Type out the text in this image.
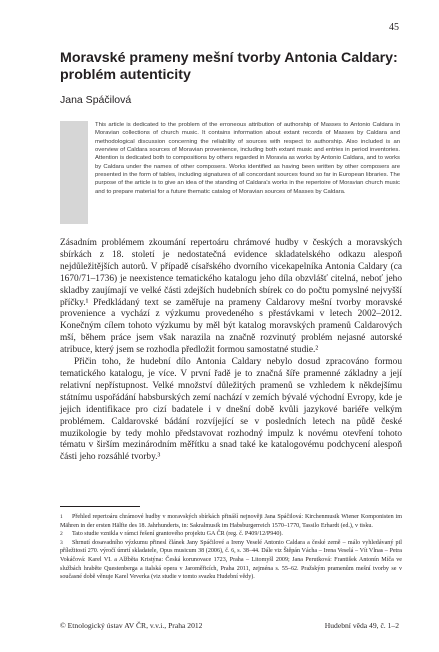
45
Moravské prameny mešní tvorby Antonia Caldary:
problém autenticity

Jana Spáčilová

This article is dedicated to the problem of the erroneous attribution of authorship of Masses to Antonio Caldara in Moravian collections of church music. It contains information about extant records of Masses by Caldara and methodological discussion concerning the reliability of sources with respect to authorship. Also included is an overview of Caldara sources of Moravian provenience, including both extant music and entries in period inventories. Attention is dedicated both to compositions by others regarded in Moravia as works by Antonio Caldara, and to works by Caldara under the names of other composers. Works identified as having been written by other composers are presented in the form of tables, including signatures of all concordant sources found so far in European libraries. The purpose of the article is to give an idea of the standing of Caldara's works in the repertoire of Moravian church music and to prepare material for a future thematic catalog of Moravian sources of Masses by Caldara.

Zásadním problémem zkoumání repertoáru chrámové hudby v českých a moravských sbírkách z 18. století je nedostatečná evidence skladatelského odkazu alespoň nejdůležitějších autorů. V případě císařského dvorního vicekapelníka Antonia Caldary (ca 1670/71–1736) je neexistence tematického katalogu jeho díla obzvlášť citelná, neboť jeho skladby zaujímají ve velké části zdejších hudebních sbírek co do počtu pomyslné nejvyšší příčky.¹ Předkládaný text se zaměřuje na prameny Caldarovy mešní tvorby moravské provenience a vychází z výzkumu provedeného s přestávkami v letech 2002–2012. Konečným cílem tohoto výzkumu by měl být katalog moravských pramenů Caldarových mší, během práce jsem však narazila na značně rozvinutý problém nejasné autorské atribuce, který jsem se rozhodla předložit formou samostatné studie.²

Přičin toho, že hudební dílo Antonia Caldary nebylo dosud zpracováno formou tematického katalogu, je více. V první řadě je to značná šíře pramenné základny a její relativní nepřístupnost. Velké množství důležitých pramenů se vzhledem k někdejšímu státnímu uspořádání habsburských zemí nachází v zemích bývalé východní Evropy, kde je jejich identifikace pro cizí badatele i v dnešní době kvůli jazykové bariéře velkým problémem. Caldarovské bádání rozvíjející se v posledních letech na půdě české muzikologie by tedy mohlo představovat rozhodný impulz k novému otevření tohoto tématu v širším mezinárodním měřítku a snad také ke katalogovému podchycení alespoň části jeho rozsáhlé tvorby.³

1 Přehled repertoáru chrámové hudby v moravských sbírkách přináší nejnověji Jana Spáčilová: Kirchenmusik Wiener Komponisten im Mähren in der ersten Hälfte des 18. Jahrhunderts, in: Sakralmusik im Habsburgerreich 1570–1770, Tassilo Erhardt (ed.), v tisku.

2 Tato studie vznikla v rámci řešení grantového projektu GA ČR (reg. č. P409/12/P940).

3 Shrnutí dosavadního výzkumu přinesl článek Jany Spáčilové a Ireny Veselé Antonio Caldara a české země – málo vyhledávaný pil příležitostí 270. výročí úmrtí skladatele, Opus musicum 38 (2006), č. 6, s. 38–44. Dále viz Štěpán Vácha – Irena Veselá – Vít Vlnas – Petra Vokáčová: Karel VI. a Alžběta Kristýna: Česká korunovace 1723, Praha – Litomyšl 2009; Jana Perutková: František Antonín Míča ve službách hraběte Questenberga a italská opera v Jaroměřicích, Praha 2011, zejména s. 55–62. Pražským pramenům mešní tvorby se v současné době věnuje Karel Veverka (viz studie v tomto svazku Hudební vědy).

© Etnologický ústav AV ČR, v.v.i., Praha 2012	Hudební věda 49, č. 1–2
